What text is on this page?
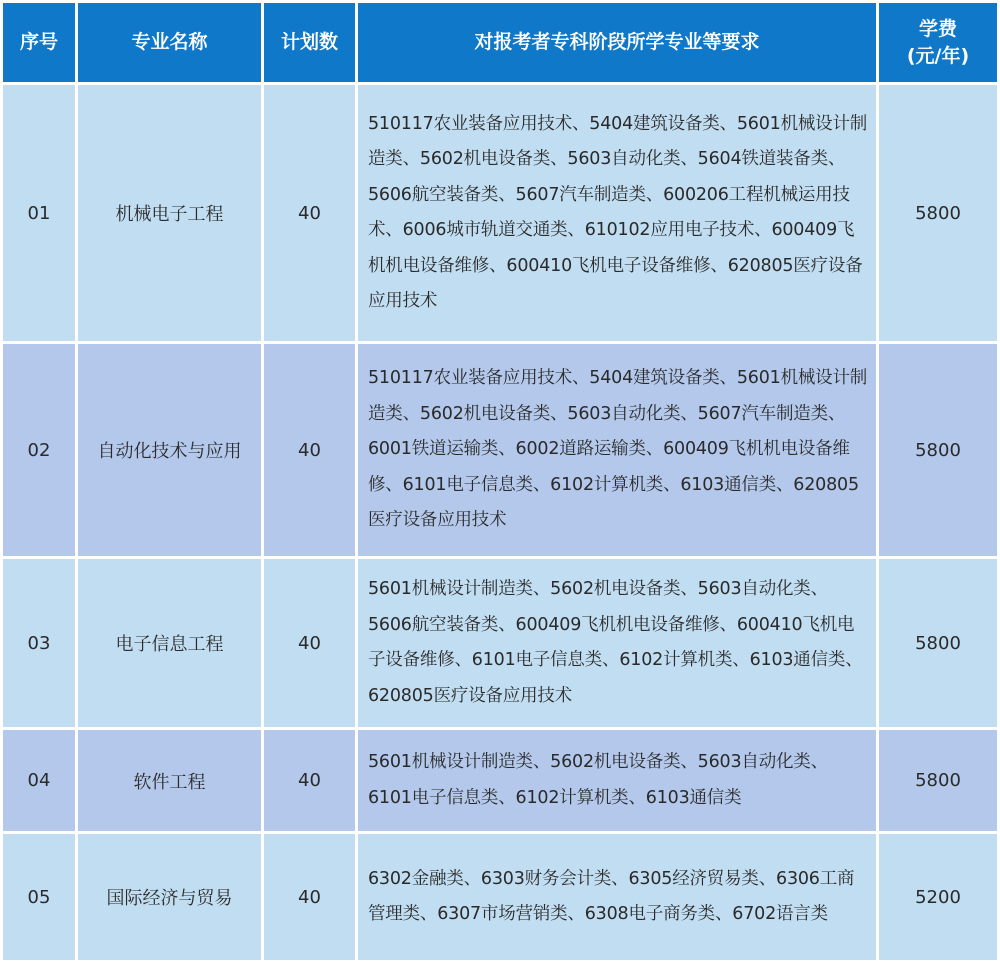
序号	专业名称	计划数	对报考者专科阶段所学专业等要求	学费
(元/年)
01	机械电子工程	40	510117农业装备应用技术、5404建筑设备类、5601机械设计制造类、5602机电设备类、5603自动化类、5604铁道装备类、5606航空装备类、5607汽车制造类、600206工程机械运用技术、6006城市轨道交通类、610102应用电子技术、600409飞机机电设备维修、600410飞机电子设备维修、620805医疗设备应用技术	5800
02	自动化技术与应用	40	510117农业装备应用技术、5404建筑设备类、5601机械设计制造类、5602机电设备类、5603自动化类、5607汽车制造类、6001铁道运输类、6002道路运输类、600409飞机机电设备维修、6101电子信息类、6102计算机类、6103通信类、620805医疗设备应用技术	5800
03	电子信息工程	40	5601机械设计制造类、5602机电设备类、5603自动化类、5606航空装备类、600409飞机机电设备维修、600410飞机电子设备维修、6101电子信息类、6102计算机类、6103通信类、620805医疗设备应用技术	5800
04	软件工程	40	5601机械设计制造类、5602机电设备类、5603自动化类、6101电子信息类、6102计算机类、6103通信类	5800
05	国际经济与贸易	40	6302金融类、6303财务会计类、6305经济贸易类、6306工商管理类、6307市场营销类、6308电子商务类、6702语言类	5200
